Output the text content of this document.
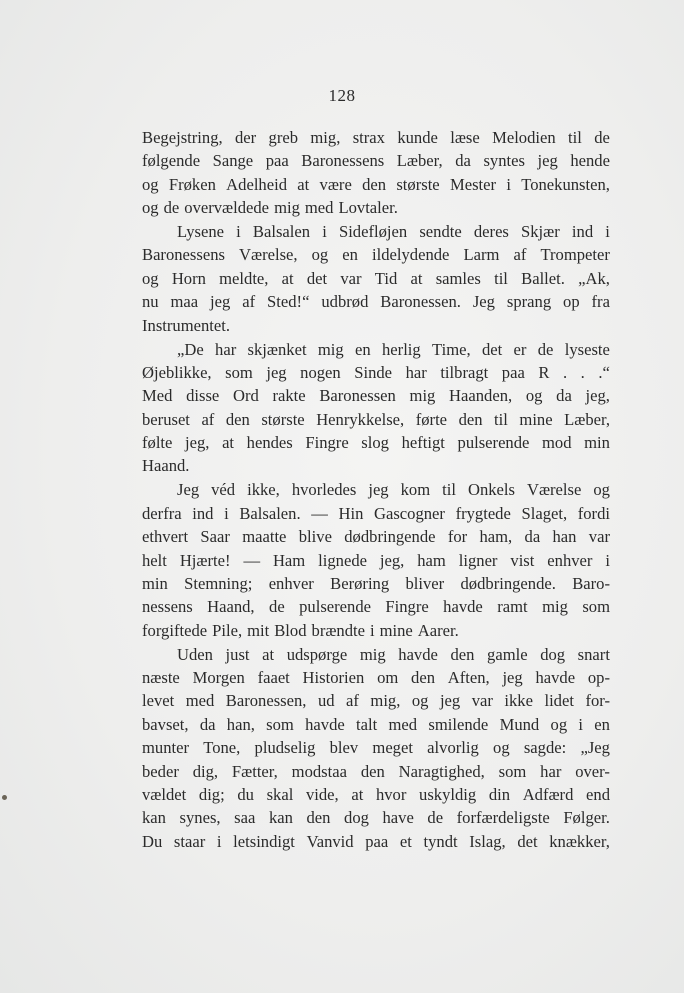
128
Begejstring, der greb mig, strax kunde læse Melodien til de
følgende Sange paa Baronessens Læber, da syntes jeg hende
og Frøken Adelheid at være den største Mester i Tonekunsten,
og de overvældede mig med Lovtaler.
Lysene i Balsalen i Sidefløjen sendte deres Skjær ind i
Baronessens Værelse, og en ildelydende Larm af Trompeter
og Horn meldte, at det var Tid at samles til Ballet. „Ak,
nu maa jeg af Sted!“ udbrød Baronessen. Jeg sprang op fra
Instrumentet.
„De har skjænket mig en herlig Time, det er de lyseste
Øjeblikke, som jeg nogen Sinde har tilbragt paa R . . .“
Med disse Ord rakte Baronessen mig Haanden, og da jeg,
beruset af den største Henrykkelse, førte den til mine Læber,
følte jeg, at hendes Fingre slog heftigt pulserende mod min
Haand.
Jeg véd ikke, hvorledes jeg kom til Onkels Værelse og
derfra ind i Balsalen. — Hin Gascogner frygtede Slaget, fordi
ethvert Saar maatte blive dødbringende for ham, da han var
helt Hjærte! — Ham lignede jeg, ham ligner vist enhver i
min Stemning; enhver Berøring bliver dødbringende. Baro-
nessens Haand, de pulserende Fingre havde ramt mig som
forgiftede Pile, mit Blod brændte i mine Aarer.
Uden just at udspørge mig havde den gamle dog snart
næste Morgen faaet Historien om den Aften, jeg havde op-
levet med Baronessen, ud af mig, og jeg var ikke lidet for-
bavset, da han, som havde talt med smilende Mund og i en
munter Tone, pludselig blev meget alvorlig og sagde: „Jeg
beder dig, Fætter, modstaa den Naragtighed, som har over-
vældet dig; du skal vide, at hvor uskyldig din Adfærd end
kan synes, saa kan den dog have de forfærdeligste Følger.
Du staar i letsindigt Vanvid paa et tyndt Islag, det knækker,
